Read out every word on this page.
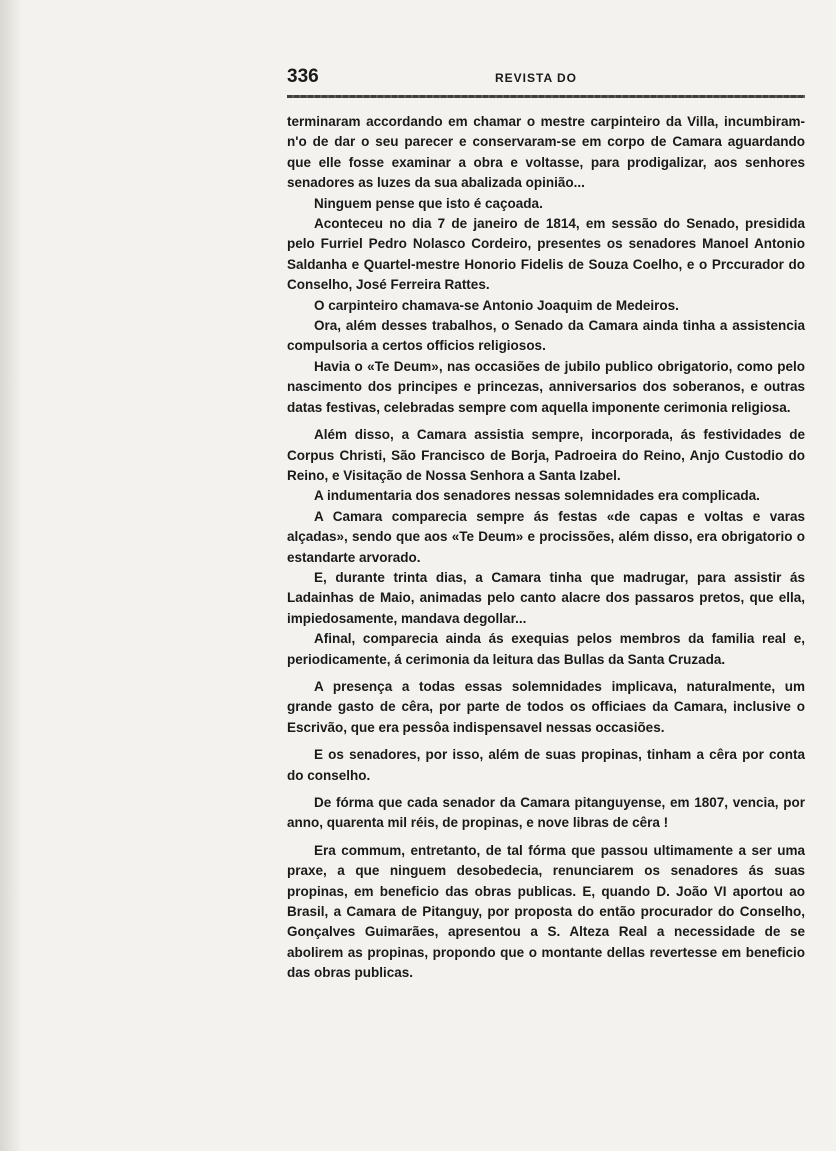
336	REVISTA DO

terminaram accordando em chamar o mestre carpinteiro da Villa, incumbiram-n'o de dar o seu parecer e conservaram-se em corpo de Camara aguardando que elle fosse examinar a obra e voltasse, para prodigalizar, aos senhores senadores as luzes da sua abalizada opinião...

Ninguem pense que isto é caçoada.

Aconteceu no dia 7 de janeiro de 1814, em sessão do Senado, presidida pelo Furriel Pedro Nolasco Cordeiro, presentes os senadores Manoel Antonio Saldanha e Quartel-mestre Honorio Fidelis de Souza Coelho, e o Prccurador do Conselho, José Ferreira Rattes.

O carpinteiro chamava-se Antonio Joaquim de Medeiros.

Ora, além desses trabalhos, o Senado da Camara ainda tinha a assistencia compulsoria a certos officios religiosos.

Havia o «Te Deum», nas occasiões de jubilo publico obrigatorio, como pelo nascimento dos principes e princezas, anniversarios dos soberanos, e outras datas festivas, celebradas sempre com aquella imponente cerimonia religiosa.

Além disso, a Camara assistia sempre, incorporada, ás festividades de Corpus Christi, São Francisco de Borja, Padroeira do Reino, Anjo Custodio do Reino, e Visitação de Nossa Senhora a Santa Izabel.

A indumentaria dos senadores nessas solemnidades era complicada.

A Camara comparecia sempre ás festas «de capas e voltas e varas alçadas», sendo que aos «Te Deum» e procissões, além disso, era obrigatorio o estandarte arvorado.

E, durante trinta dias, a Camara tinha que madrugar, para assistir ás Ladainhas de Maio, animadas pelo canto alacre dos passaros pretos, que ella, impiedosamente, mandava degollar...

Afinal, comparecia ainda ás exequias pelos membros da familia real e, periodicamente, á cerimonia da leitura das Bullas da Santa Cruzada.

A presença a todas essas solemnidades implicava, naturalmente, um grande gasto de cêra, por parte de todos os officiaes da Camara, inclusive o Escrivão, que era pessôa indispensavel nessas occasiões.

E os senadores, por isso, além de suas propinas, tinham a cêra por conta do conselho.

De fórma que cada senador da Camara pitanguyense, em 1807, vencia, por anno, quarenta mil réis, de propinas, e nove libras de cêra !

Era commum, entretanto, de tal fórma que passou ultimamente a ser uma praxe, a que ninguem desobedecia, renunciarem os senadores ás suas propinas, em beneficio das obras publicas. E, quando D. João VI aportou ao Brasil, a Camara de Pitanguy, por proposta do então procurador do Conselho, Gonçalves Guimarães, apresentou a S. Alteza Real a necessidade de se abolirem as propinas, propondo que o montante dellas revertesse em beneficio das obras publicas.
